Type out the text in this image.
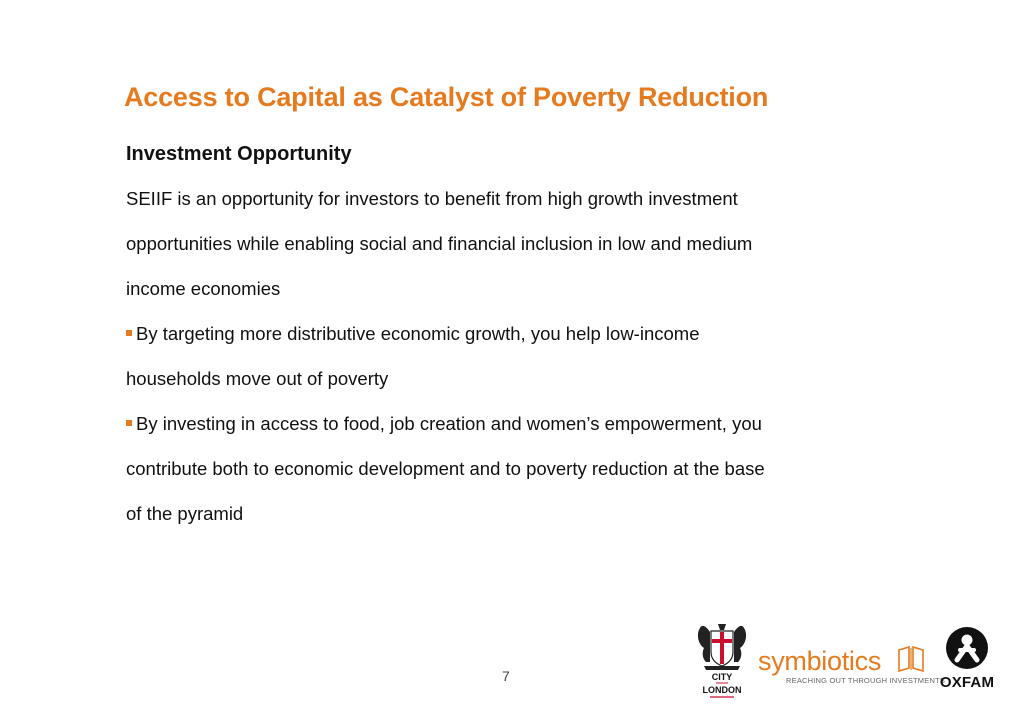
Access to Capital as Catalyst of Poverty Reduction
Investment Opportunity

SEIIF is an opportunity for investors to benefit from high growth investment
opportunities while enabling social and financial inclusion in low and medium
income economies

By targeting more distributive economic growth, you help low-income
households move out of poverty

By investing in access to food, job creation and women’s empowerment, you
contribute both to economic development and to poverty reduction at the base
of the pyramid

7	CITY
LONDON
symbiotics
REACHING OUT THROUGH INVESTMENTS
OXFAM
